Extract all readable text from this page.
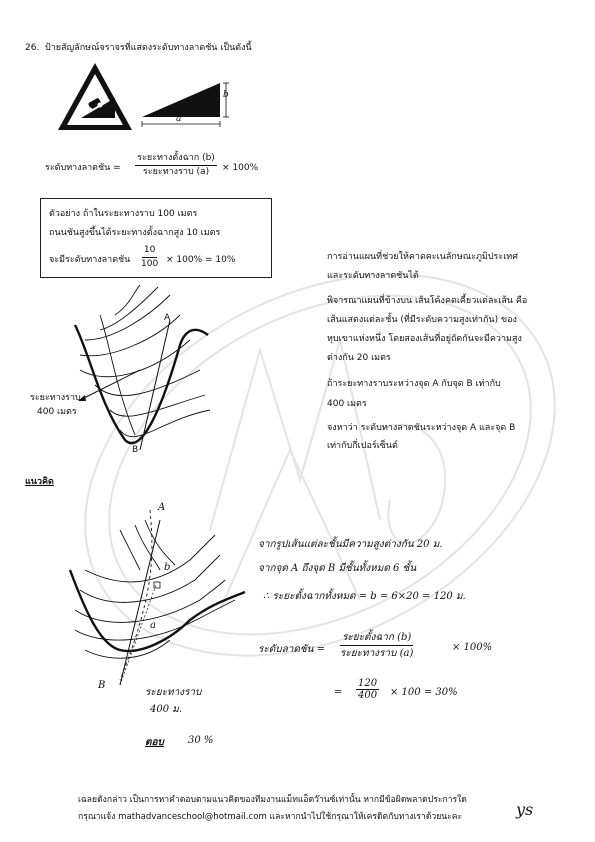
26. ป้ายสัญลักษณ์จราจรที่แสดงระดับทางลาดชัน เป็นดังนี้
b
a
ระดับทางลาดชัน = $\frac{\text{ระยะทางตั้งฉาก (b)}}{\text{ระยะทางราบ (a)}} \times 100\%$
ตัวอย่าง ถ้าในระยะทางราบ 100 เมตร
ถนนชันสูงขึ้นได้ระยะทางตั้งฉากสูง 10 เมตร
จะมีระดับทางลาดชัน $\frac{10}{100} \times 100\% = 10\%$
A
B
ระยะทางราบ
400 เมตร
การอ่านแผนที่ช่วยให้คาดคะเนลักษณะภูมิประเทศ
และระดับทางลาดชันได้
พิจารณาแผนที่ข้างบน เส้นโค้งคดเคี้ยวแต่ละเส้น คือ
เส้นแสดงแต่ละชั้น (ที่มีระดับความสูงเท่ากัน) ของ
หุบเขาแห่งหนึ่ง โดยสองเส้นที่อยู่ถัดกันจะมีความสูง
ต่างกัน 20 เมตร
ถ้าระยะทางราบระหว่างจุด A กับจุด B เท่ากับ
400 เมตร
จงหาว่า ระดับทางลาดชันระหว่างจุด A และจุด B
เท่ากับกี่เปอร์เซ็นต์
แนวคิด
A
B
b
a
ระยะทางราบ
400 ม.
จากรูปเส้นแต่ละชั้นมีความสูงต่างกัน 20 ม.
จากจุด A ถึงจุด B มีชั้นทั้งหมด 6 ชั้น
∴ ระยะตั้งฉากทั้งหมด = b = 6×20 = 120 ม.
ระดับลาดชัน = $\frac{\text{ระยะตั้งฉาก (b)}}{\text{ระยะทางราบ (a)}}$	× 100%
= $\frac{120}{400} \times 100 = 30\%$
ตอบ 30 %
เฉลยดังกล่าว เป็นการหาคำตอบตามแนวคิดของทีมงานแม็ทแอ็ดว๊านซ์เท่านั้น หากมีข้อผิดพลาดประการใด
กรุณาแจ้ง mathadvanceschool@hotmail.com และหากนำไปใช้กรุณาให้เครดิตกับทางเราด้วยนะคะ	ys
